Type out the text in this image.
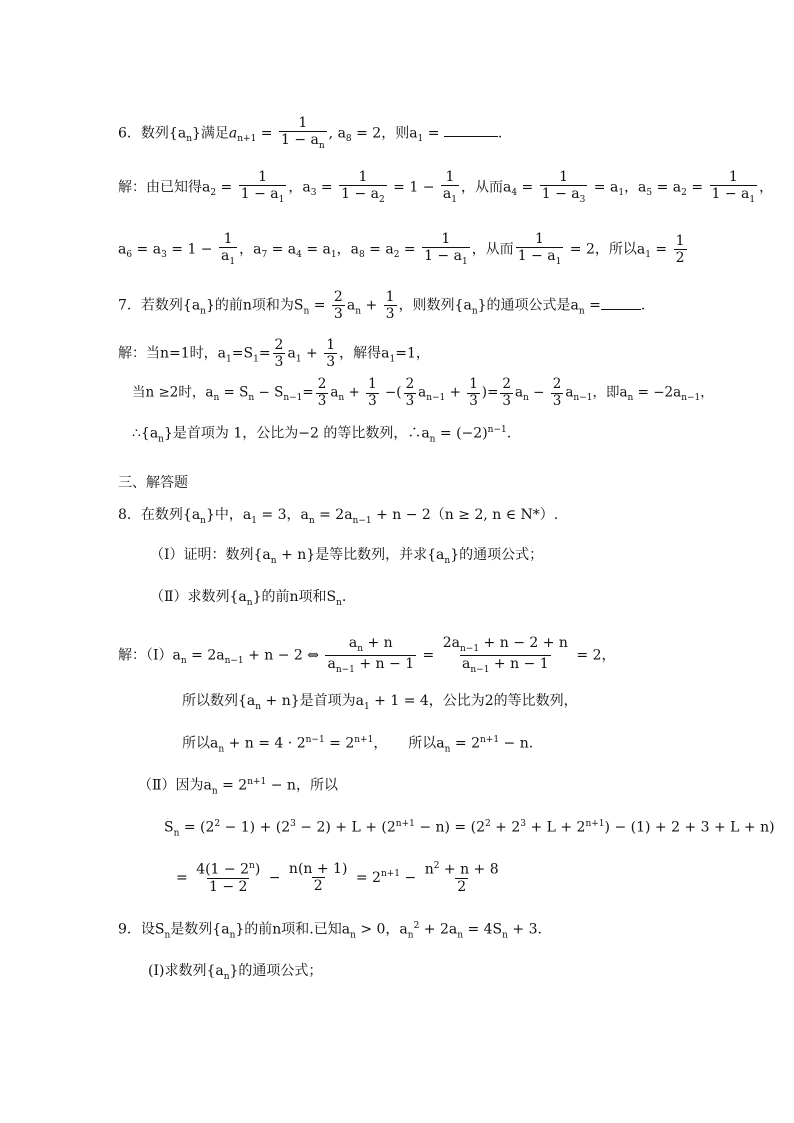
6．数列$\{a_n\}$满足$a_{n+1} = \frac{1}{1 - a_n}$ , $a_8 = 2$，则$a_1$ =	.
解：由已知得$a_2 = \frac{1}{1 - a_1}$ ，$a_3 = \frac{1}{1 - a_2} = 1 - \frac{1}{a_1}$ ，从而$a_4 = \frac{1}{1 - a_3} = a_1$，$a_5 = a_2 = \frac{1}{1 - a_1}$ ，
$a_6 = a_3 = 1 - \frac{1}{a_1}$ ，$a_7 = a_4 = a_1$，$a_8 = a_2 = \frac{1}{1 - a_1}$ ，从而 $\frac{1}{1 - a_1} = 2$，所以$a_1 = \frac{1}{2}$
7．若数列$\{a_n\}$的前n项和为$S_n = \frac{2}{3} a_n + \frac{1}{3}$ ，则数列$\{a_n\}$的通项公式是$a_n$ =	.
解：当n=1时，$a_1=S_1= \frac{2}{3} a_1 + \frac{1}{3}$ ，解得$a_1=1$，
当n ≥2时，$a_n = S_n - S_{n-1}= \frac{2}{3} a_n + \frac{1}{3}$ −( $\frac{2}{3} a_{n-1} + \frac{1}{3}$ )= $\frac{2}{3} a_n - \frac{2}{3} a_{n-1}$，即$a_n = -2a_{n-1}$，
$\therefore\{a_n\}$是首项为 1，公比为−2 的等比数列，$\therefore a_n = (-2)^{n-1}$.
三、解答题
8．在数列$\{a_n\}$中，$a_1 = 3$，$a_n = 2a_{n-1} + n - 2(n \ge 2$, n ∈ N*）.
（Ⅰ）证明：数列$\{a_n + n\}$是等比数列，并求$\{a_n\}$的通项公式；
（Ⅱ）求数列$\{a_n\}$的前n项和$S_n$.
解：$(Ⅰ)a_n = 2a_{n-1} + n - 2$ ⇔ $\frac{a_n + n}{a_{n-1} + n - 1} = \frac{2a_{n-1} + n - 2 + n}{a_{n-1} + n - 1} = 2$，
所以数列$\{a_n + n\}$是首项为$a_1 + 1 = 4$，公比为2的等比数列，
所以$a_n + n = 4 \cdot 2^{n-1} = 2^{n+1}$，　　所以$a_n = 2^{n+1} - n$.
（Ⅱ）因为$a_n = 2^{n+1} - n$，所以
$S_n = (2^2 - 1) + (2^3 - 2) + L + (2^{n+1} - n) = (2^2 + 2^3 + L + 2^{n+1}) - (1) + 2 + 3 + L + n$)
= $\frac{4(1 - 2^n)}{1 - 2} - \frac{n(n + 1)}{2} = 2^{n+1} - \frac{n^2 + n + 8}{2}$
9．设$S_n$是数列$\{a_n\}$的前n项和.已知$a_n > 0$，$a_n^2 + 2a_n = 4S_n + 3$.
(Ⅰ)求数列$\{a_n\}$的通项公式；
